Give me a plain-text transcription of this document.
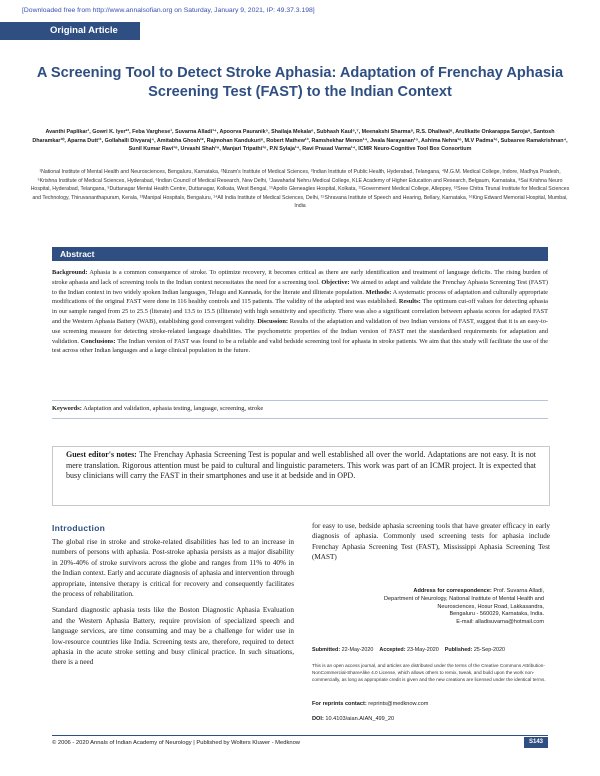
[Downloaded free from http://www.annalsofian.org on Saturday, January 9, 2021, IP: 49.37.3.198]
Original Article
A Screening Tool to Detect Stroke Aphasia: Adaptation of Frenchay Aphasia Screening Test (FAST) to the Indian Context
Avanthi Paplikar¹, Gowri K. Iyer²³, Feba Varghese¹, Suvarna Alladi¹⁴, Apoorva Pauranik⁵, Shailaja Mekala⁶, Subhash Kaul⁶,⁷, Meenakshi Sharma⁸, R.S. Dhaliwal⁸, Arulikatte Onkarappa Saroja⁹, Santosh Dharamkar¹⁰, Aparna Dutt¹¹, Gollahalli Divyaraj⁴, Amitabha Ghosh¹², Rajmohan Kandukuri⁶, Robert Mathew¹³, Ramshekhar Menon¹⁴, Jwala Narayanan¹⁵, Ashima Nehra¹⁶, M.V Padma¹⁶, Subasree Ramakrishnan⁴, Sunil Kumar Ravi¹⁸, Urvashi Shah¹⁹, Manjari Tripathi¹⁶, P.N Sylaja¹⁴, Ravi Prasad Varma¹⁴, ICMR Neuro-Cognitive Tool Box Consortium
¹National Institute of Mental Health and Neurosciences, Bengaluru, Karnataka, ²Nizam's Institute of Medical Sciences, ³Indian Institute of Public Health, Hyderabad, Telangana, ⁴M.G.M. Medical College, Indore, Madhya Pradesh, ⁵Krishna Institute of Medical Sciences, Hyderabad, ⁶Indian Council of Medical Research, New Delhi, ⁷Jawaharlal Nehru Medical College, KLE Academy of Higher Education and Research, Belgaum, Karnataka, ⁸Sai Krishna Neuro Hospital, Hyderabad, Telangana, ⁹Duttanagar Mental Health Centre, Duttanagar, Kolkata, West Bengal, ¹⁰Apollo Gleneagles Hospital, Kolkata, ¹¹Government Medical College, Alleppey, ¹²Sree Chitra Tirunal Institute for Medical Sciences and Technology, Thiruvananthapuram, Kerala, ¹³Manipal Hospitals, Bengaluru, ¹⁴All India Institute of Medical Sciences, Delhi, ¹⁵Shravana Institute of Speech and Hearing, Bellary, Karnataka, ¹⁶King Edward Memorial Hospital, Mumbai, India
Abstract
Background: Aphasia is a common consequence of stroke. To optimize recovery, it becomes critical as there are early identification and treatment of language deficits. The rising burden of stroke aphasia and lack of screening tools in the Indian context necessitates the need for a screening tool. Objective: We aimed to adapt and validate the Frenchay Aphasia Screening Test (FAST) to the Indian context in two widely spoken Indian languages, Telugu and Kannada, for the literate and illiterate population. Methods: A systematic process of adaptation and culturally appropriate modifications of the original FAST were done in 116 healthy controls and 115 patients. The validity of the adapted test was established. Results: The optimum cut-off values for detecting aphasia in our sample ranged from 25 to 25.5 (literate) and 13.5 to 15.5 (illiterate) with high sensitivity and specificity. There was also a significant correlation between aphasia scores for adapted FAST and the Western Aphasia Battery (WAB), establishing good convergent validity. Discussion: Results of the adaptation and validation of two Indian versions of FAST, suggest that it is an easy-to-use screening measure for detecting stroke-related language disabilities. The psychometric properties of the Indian version of FAST met the standardised requirements for adaptation and validation. Conclusions: The Indian version of FAST was found to be a reliable and valid bedside screening tool for aphasia in stroke patients. We aim that this study will facilitate the use of the test across other Indian languages and a large clinical population in the future.
Keywords: Adaptation and validation, aphasia testing, language, screening, stroke
Guest editor's notes: The Frenchay Aphasia Screening Test is popular and well established all over the world. Adaptations are not easy. It is not mere translation. Rigorous attention must be paid to cultural and linguistic parameters. This work was part of an ICMR project. It is expected that busy clinicians will carry the FAST in their smartphones and use it at bedside and in OPD.
Introduction

The global rise in stroke and stroke-related disabilities has led to an increase in numbers of persons with aphasia. Post-stroke aphasia persists as a major disability in 20%-40% of stroke survivors across the globe and ranges from 11% to 40% in the Indian context. Early and accurate diagnosis of aphasia and intervention through appropriate, intensive therapy is critical for recovery and consequently facilitates the process of rehabilitation.

Standard diagnostic aphasia tests like the Boston Diagnostic Aphasia Evaluation and the Western Aphasia Battery, require provision of specialized speech and language services, are time consuming and may be a challenge for wider use in low-resource countries like India. Screening tests are, therefore, required to detect aphasia in the acute stroke setting and busy clinical practice. In such situations, there is a need

for easy to use, bedside aphasia screening tools that have greater efficacy in early diagnosis of aphasia. Commonly used screening tests for aphasia include Frenchay Aphasia Screening Test (FAST), Mississippi Aphasia Screening Test (MAST)

Address for correspondence: Prof. Suvarna Alladi,
Department of Neurology, National Institute of Mental Health and
Neurosciences, Hosur Road, Lakkasandra,
Bengaluru - 560029, Karnataka, India.
E-mail: alladisuvarna@hotmail.com
Submitted: 22-May-2020 Accepted: 23-May-2020 Published: 25-Sep-2020
This is an open access journal, and articles are distributed under the terms of the Creative Commons Attribution-NonCommercial-ShareAlike 4.0 License, which allows others to remix, tweak, and build upon the work non-commercially, as long as appropriate credit is given and the new creations are licensed under the identical terms.
For reprints contact: reprints@medknow.com
DOI: 10.4103/aian.AIAN_499_20
© 2006 - 2020 Annals of Indian Academy of Neurology | Published by Wolters Kluwer - Medknow	S143
